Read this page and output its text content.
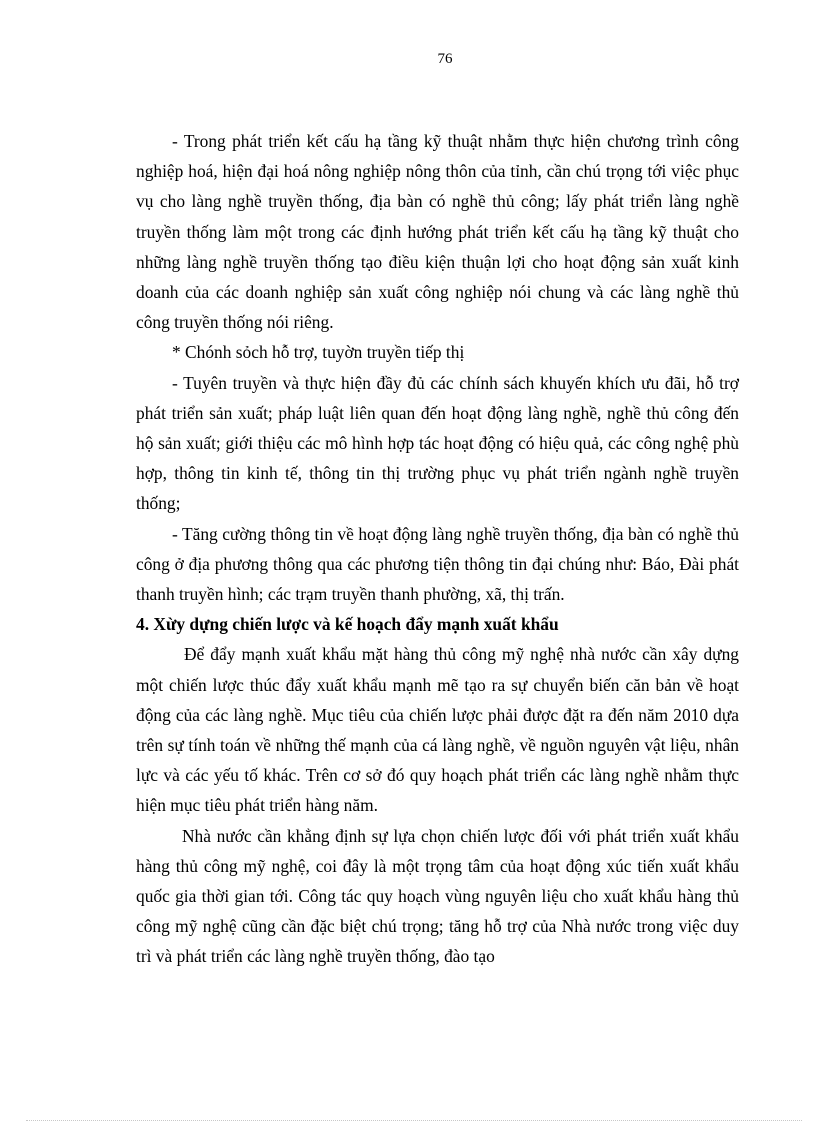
76

- Trong phát triển kết cấu hạ tầng kỹ thuật nhằm thực hiện chương trình công nghiệp hoá, hiện đại hoá nông nghiệp nông thôn của tỉnh, cần chú trọng tới việc phục vụ cho làng nghề truyền thống, địa bàn có nghề thủ công; lấy phát triển làng nghề truyền thống làm một trong các định hướng phát triển kết cấu hạ tầng kỹ thuật cho những làng nghề truyền thống tạo điều kiện thuận lợi cho hoạt động sản xuất kinh doanh của các doanh nghiệp sản xuất công nghiệp nói chung và các làng nghề thủ công truyền thống nói riêng.

* Chónh sỏch hỗ trợ, tuyờn truyền tiếp thị

- Tuyên truyền và thực hiện đầy đủ các chính sách khuyến khích ưu đãi, hỗ trợ phát triển sản xuất; pháp luật liên quan đến hoạt động làng nghề, nghề thủ công đến hộ sản xuất; giới thiệu các mô hình hợp tác hoạt động có hiệu quả, các công nghệ phù hợp, thông tin kinh tế, thông tin thị trường phục vụ phát triển ngành nghề truyền thống;

- Tăng cường thông tin về hoạt động làng nghề truyền thống, địa bàn có nghề thủ công ở địa phương thông qua các phương tiện thông tin đại chúng như: Báo, Đài phát thanh truyền hình; các trạm truyền thanh phường, xã, thị trấn.

4. Xừy dựng chiến lược và kế hoạch đẩy mạnh xuất khẩu

Để đẩy mạnh xuất khẩu mặt hàng thủ công mỹ nghệ nhà nước cần xây dựng một chiến lược thúc đẩy xuất khẩu mạnh mẽ tạo ra sự chuyển biến căn bản về hoạt động của các làng nghề. Mục tiêu của chiến lược phải được đặt ra đến năm 2010 dựa trên sự tính toán về những thế mạnh của cá làng nghề, về nguồn nguyên vật liệu, nhân lực và các yếu tố khác. Trên cơ sở đó quy hoạch phát triển các làng nghề nhằm thực hiện mục tiêu phát triển hàng năm.

Nhà nước cần khẳng định sự lựa chọn chiến lược đối với phát triển xuất khẩu hàng thủ công mỹ nghệ, coi đây là một trọng tâm của hoạt động xúc tiến xuất khẩu quốc gia thời gian tới. Công tác quy hoạch vùng nguyên liệu cho xuất khẩu hàng thủ công mỹ nghệ cũng cần đặc biệt chú trọng; tăng hỗ trợ của Nhà nước trong việc duy trì và phát triển các làng nghề truyền thống, đào tạo
